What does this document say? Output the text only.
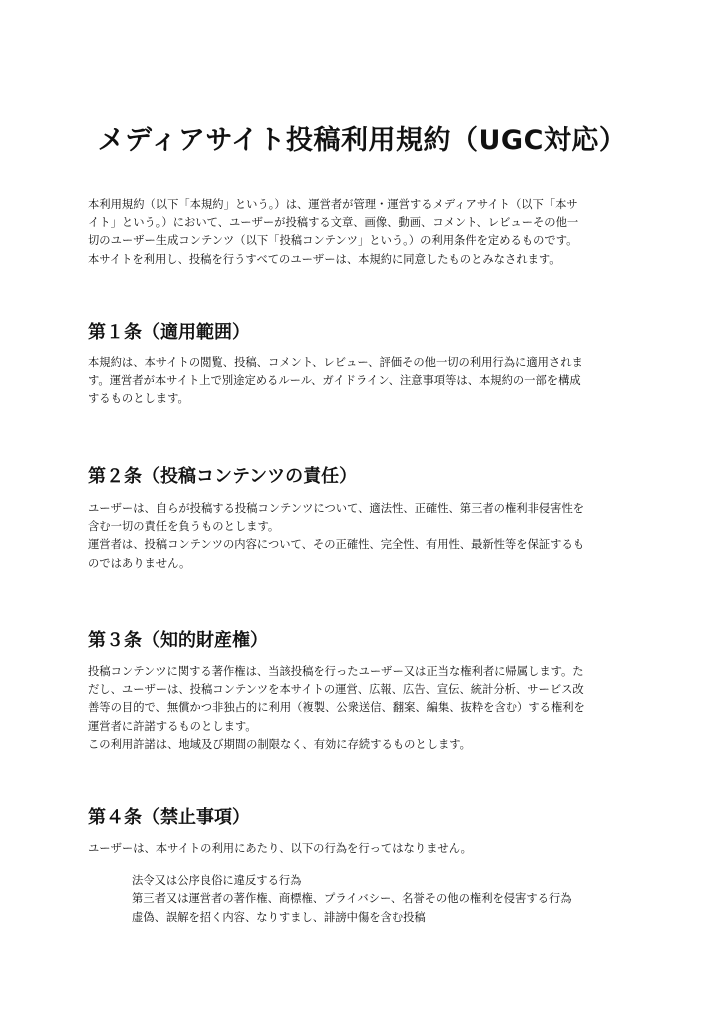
メディアサイト投稿利用規約（UGC対応）

本利用規約（以下「本規約」という。）は、運営者が管理・運営するメディアサイト（以下「本サ
イト」という。）において、ユーザーが投稿する文章、画像、動画、コメント、レビューその他一
切のユーザー生成コンテンツ（以下「投稿コンテンツ」という。）の利用条件を定めるものです。
本サイトを利用し、投稿を行うすべてのユーザーは、本規約に同意したものとみなされます。

第１条（適用範囲）

本規約は、本サイトの閲覧、投稿、コメント、レビュー、評価その他一切の利用行為に適用されま
す。運営者が本サイト上で別途定めるルール、ガイドライン、注意事項等は、本規約の一部を構成
するものとします。

第２条（投稿コンテンツの責任）

ユーザーは、自らが投稿する投稿コンテンツについて、適法性、正確性、第三者の権利非侵害性を
含む一切の責任を負うものとします。
運営者は、投稿コンテンツの内容について、その正確性、完全性、有用性、最新性等を保証するも
のではありません。

第３条（知的財産権）

投稿コンテンツに関する著作権は、当該投稿を行ったユーザー又は正当な権利者に帰属します。た
だし、ユーザーは、投稿コンテンツを本サイトの運営、広報、広告、宣伝、統計分析、サービス改
善等の目的で、無償かつ非独占的に利用（複製、公衆送信、翻案、編集、抜粋を含む）する権利を
運営者に許諾するものとします。
この利用許諾は、地域及び期間の制限なく、有効に存続するものとします。

第４条（禁止事項）

ユーザーは、本サイトの利用にあたり、以下の行為を行ってはなりません。

法令又は公序良俗に違反する行為
第三者又は運営者の著作権、商標権、プライバシー、名誉その他の権利を侵害する行為
虚偽、誤解を招く内容、なりすまし、誹謗中傷を含む投稿
